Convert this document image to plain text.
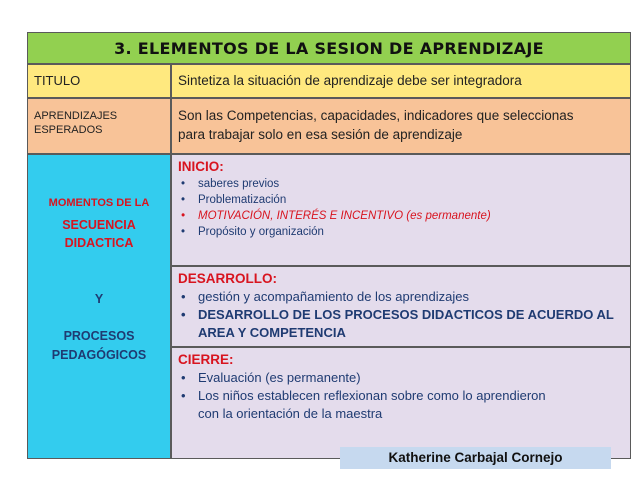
3. ELEMENTOS DE LA SESION DE APRENDIZAJE
TITULO	Sintetiza la situación de aprendizaje debe ser integradora
APRENDIZAJES
ESPERADOS
Son las Competencias, capacidades, indicadores que seleccionas
para trabajar solo en esa sesión de aprendizaje
MOMENTOS DE LA
SECUENCIA
DIDACTICA
Y
PROCESOS
PEDAGÓGICOS
INICIO:
• saberes previos
• Problematización
• MOTIVACIÓN, INTERÉS E INCENTIVO (es permanente)
• Propósito y organización
DESARROLLO:
• gestión y acompañamiento de los aprendizajes
• DESARROLLO DE LOS PROCESOS DIDACTICOS DE ACUERDO AL
AREA Y COMPETENCIA
CIERRE:
• Evaluación (es permanente)
• Los niños establecen reflexionan sobre como lo aprendieron
con la orientación de la maestra
Katherine Carbajal Cornejo
